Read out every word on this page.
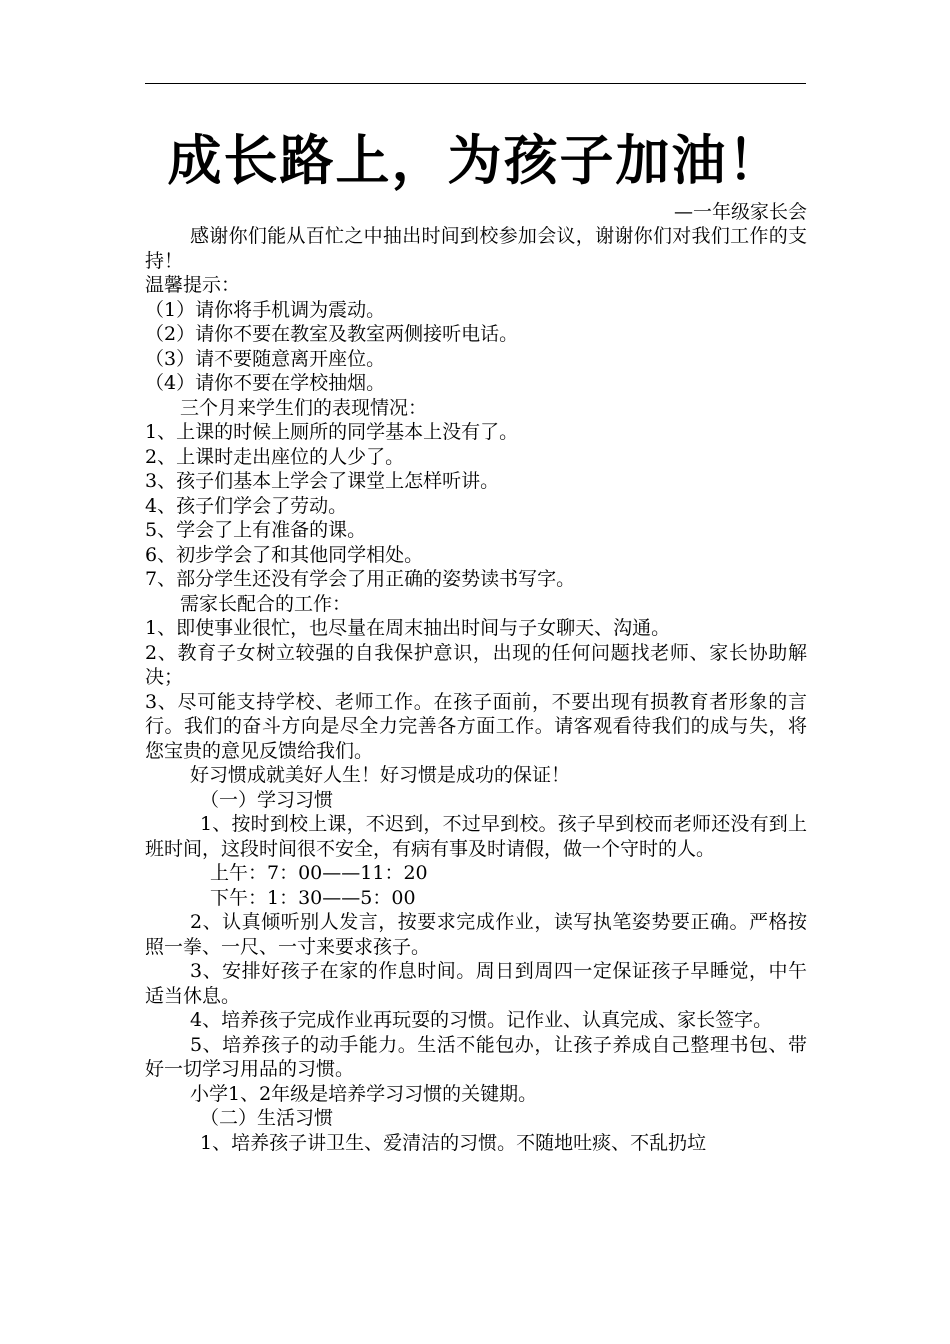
成长路上，为孩子加油！
—一年级家长会

感谢你们能从百忙之中抽出时间到校参加会议，谢谢你们对我们工作的支持！

温馨提示：

（1）请你将手机调为震动。

（2）请你不要在教室及教室两侧接听电话。

（3）请不要随意离开座位。

（4）请你不要在学校抽烟。

三个月来学生们的表现情况：

1、上课的时候上厕所的同学基本上没有了。

2、上课时走出座位的人少了。

3、孩子们基本上学会了课堂上怎样听讲。

4、孩子们学会了劳动。

5、学会了上有准备的课。

6、初步学会了和其他同学相处。

7、部分学生还没有学会了用正确的姿势读书写字。

需家长配合的工作：

1、即使事业很忙，也尽量在周末抽出时间与子女聊天、沟通。

2、教育子女树立较强的自我保护意识，出现的任何问题找老师、家长协助解决；

3、尽可能支持学校、老师工作。在孩子面前，不要出现有损教育者形象的言行。我们的奋斗方向是尽全力完善各方面工作。请客观看待我们的成与失，将您宝贵的意见反馈给我们。

好习惯成就美好人生！好习惯是成功的保证！

（一）学习习惯

1、按时到校上课，不迟到，不过早到校。孩子早到校而老师还没有到上班时间，这段时间很不安全，有病有事及时请假，做一个守时的人。

上午：7：00——11：20

下午：1：30——5：00

2、认真倾听别人发言，按要求完成作业，读写执笔姿势要正确。严格按照一拳、一尺、一寸来要求孩子。

3、安排好孩子在家的作息时间。周日到周四一定保证孩子早睡觉，中午适当休息。

4、培养孩子完成作业再玩耍的习惯。记作业、认真完成、家长签字。

5、培养孩子的动手能力。生活不能包办，让孩子养成自己整理书包、带好一切学习用品的习惯。

小学1、2年级是培养学习习惯的关键期。

（二）生活习惯

1、培养孩子讲卫生、爱清洁的习惯。不随地吐痰、不乱扔垃
